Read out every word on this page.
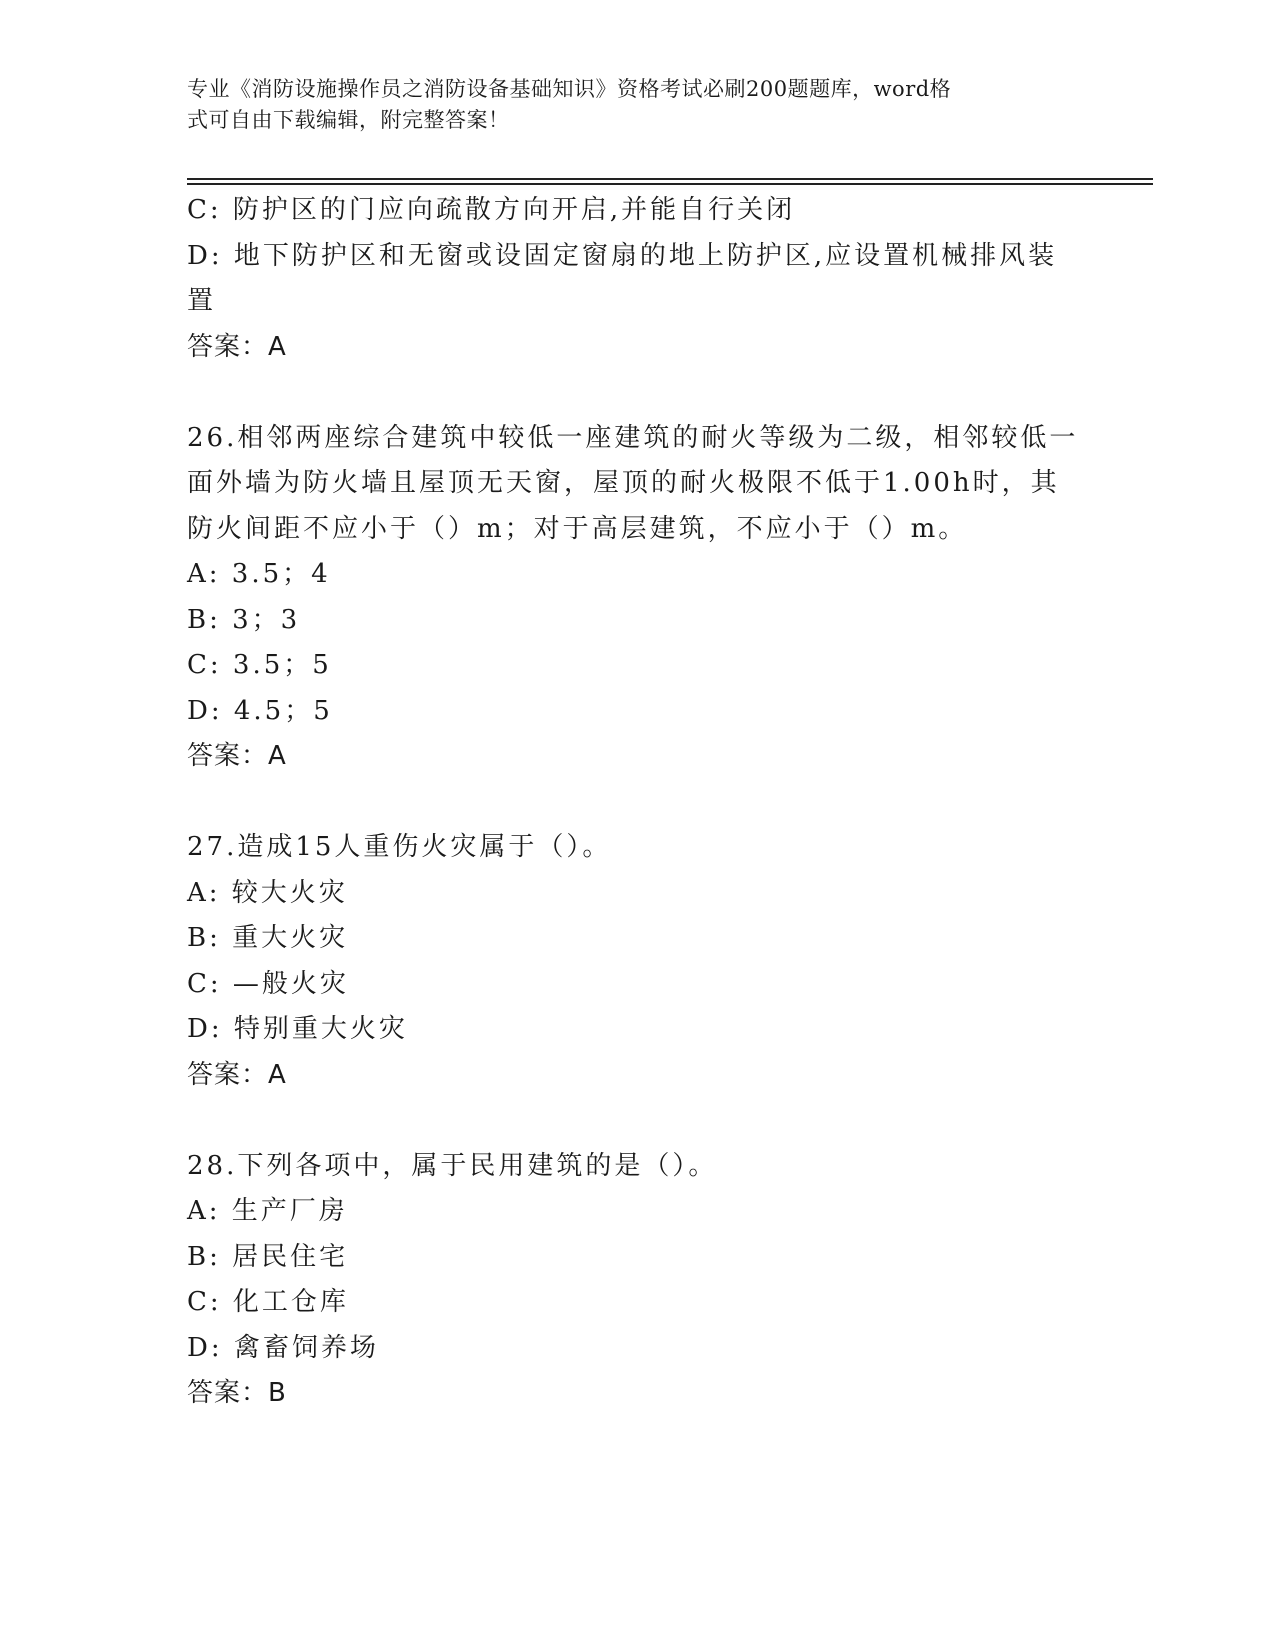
专业《消防设施操作员之消防设备基础知识》资格考试必刷200题题库，word格
式可自由下载编辑，附完整答案！
C: 防护区的门应向疏散方向开启,并能自行关闭
D: 地下防护区和无窗或设固定窗扇的地上防护区,应设置机械排风装
置
答案：A
26.相邻两座综合建筑中较低一座建筑的耐火等级为二级，相邻较低一
面外墙为防火墙且屋顶无天窗，屋顶的耐火极限不低于1.00h时，其
防火间距不应小于（）m；对于高层建筑，不应小于（）m。
A: 3.5；4
B: 3；3
C: 3.5；5
D: 4.5；5
答案：A
27.造成15人重伤火灾属于（）。
A: 较大火灾
B: 重大火灾
C: —般火灾
D: 特别重大火灾
答案：A
28.下列各项中，属于民用建筑的是（）。
A: 生产厂房
B: 居民住宅
C: 化工仓库
D: 禽畜饲养场
答案：B
